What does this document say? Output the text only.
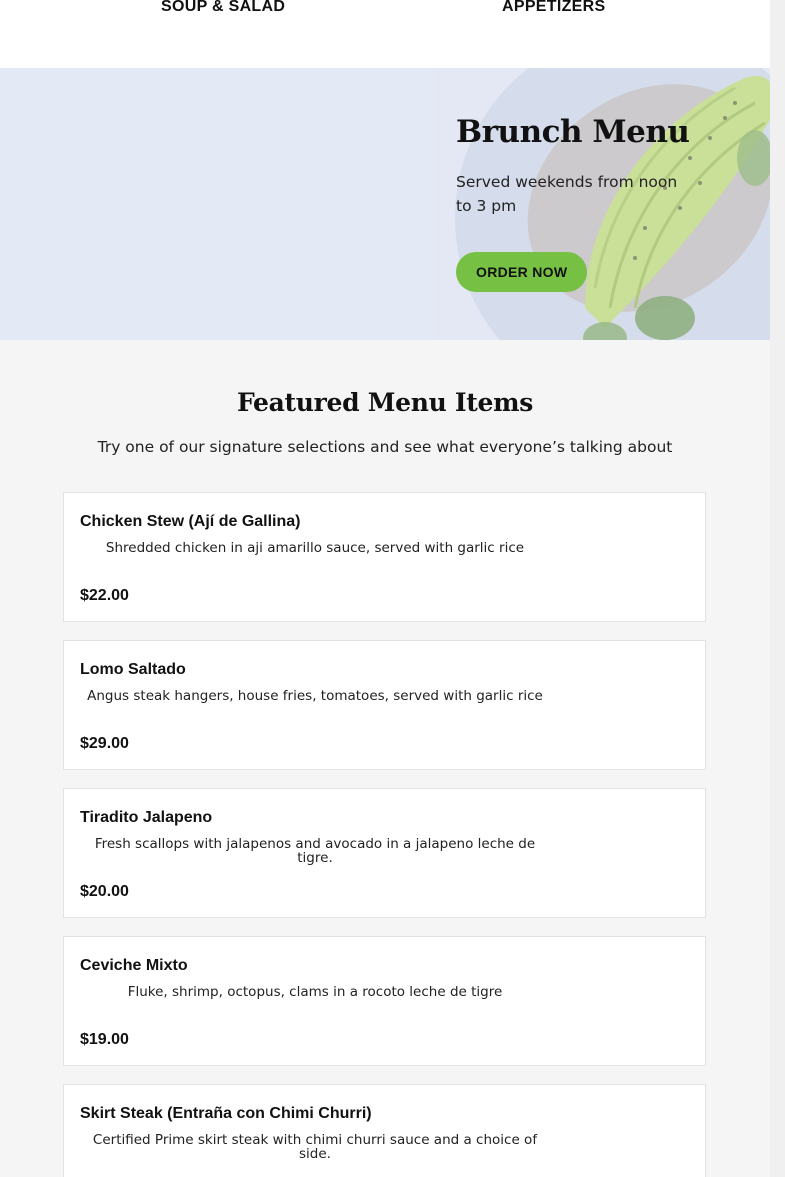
SOUP & SALAD	APPETIZERS
Brunch Menu

Served weekends from noon to 3 pm

ORDER NOW
Featured Menu Items
Try one of our signature selections and see what everyone’s talking about
Chicken Stew (Ají de Gallina)
Shredded chicken in aji amarillo sauce, served with garlic rice
$22.00
Lomo Saltado
Angus steak hangers, house fries, tomatoes, served with garlic rice
$29.00
Tiradito Jalapeno
Fresh scallops with jalapenos and avocado in a jalapeno leche de tigre.
$20.00
Ceviche Mixto
Fluke, shrimp, octopus, clams in a rocoto leche de tigre
$19.00
Skirt Steak (Entraña con Chimi Churri)
Certified Prime skirt steak with chimi churri sauce and a choice of side.
